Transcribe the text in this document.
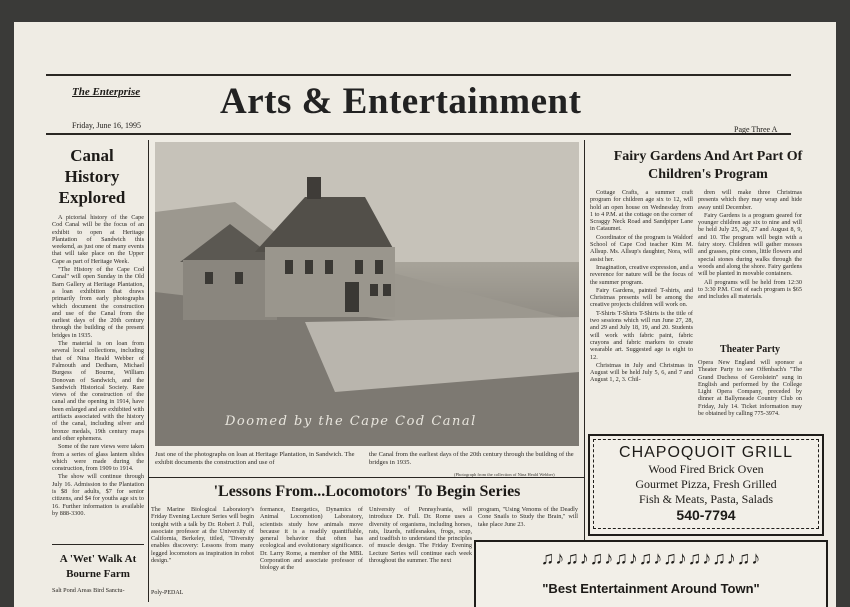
The Enterprise Arts & Entertainment
Friday, June 16, 1995	Page Three A
Canal History Explored

A pictorial history of the Cape Cod Canal will be the focus of an exhibit to open at Heritage Plantation of Sandwich this weekend, as just one of many events that will take place on the Upper Cape as part of Heritage Week.

"The History of the Cape Cod Canal" will open Sunday in the Old Barn Gallery at Heritage Plantation, a loan exhibition that draws primarily from early photographs which document the construction and use of the Canal from the earliest days of the 20th century through the building of the present bridges in 1935.

The material is on loan from several local collections, including that of Nina Heald Webber of Falmouth and Dedham, Michael Burgess of Bourne, William Donovan of Sandwich, and the Sandwich Historical Society. Rare views of the construction of the canal and the opening in 1914, have been enlarged and are exhibited with artifacts associated with the history of the canal, including silver and bronze medals, 19th century maps and other ephemera.

Some of the rare views were taken from a series of glass lantern slides which were made during the construction, from 1909 to 1914.

The show will continue through July 16. Admission to the Plantation is $8 for adults, $7 for senior citizens, and $4 for youths age six to 16. Further information is available by 888-3300.

A 'Wet' Walk At Bourne Farm
Salt Pond Areas Bird Sanctu-
Doomed by the Cape Cod Canal
Just one of the photographs on loan at Heritage Plantation, in Sandwich. The exhibit documents the construction and use of
the Canal from the earliest days of the 20th century through the building of the bridges in 1935.
(Photograph from the collection of Nina Heald Webber)
'Lessons From...Locomotors' To Begin Series
The Marine Biological Laboratory's Friday Evening Lecture Series will begin tonight with a talk by Dr. Robert J. Full, associate professor at the University of California, Berkeley, titled, "Diversity enables discovery: Lessons from many legged locomotors as inspiration in robot design."
formance, Energetics, Dynamics of Animal Locomotion) Laboratory, scientists study how animals move because it is a readily quantifiable, general behavior that often has ecological and evolutionary significance. Dr. Larry Rome, a member of the MBL Corporation and associate professor of biology at the
University of Pennsylvania, will introduce Dr. Full. Dr. Rome uses a diversity of organisms, including horses, rats, lizards, rattlesnakes, frogs, scup, and toadfish to understand the principles of muscle design. The Friday Evening Lecture Series will continue each week throughout the summer. The next
program, "Using Venoms of the Deadly Cone Snails to Study the Brain," will take place June 23.
Poly-PEDAL
Fairy Gardens And Art Part Of Children's Program

Cottage Crafts, a summer craft program for children age six to 12, will hold an open house on Wednesday from 1 to 4 P.M. at the cottage on the corner of Scraggy Neck Road and Sandpiper Lane in Cataumet.

Coordinator of the program is Waldorf School of Cape Cod teacher Kim M. Allsup. Ms. Allsup's daughter, Nora, will assist her.

Imagination, creative expression, and a reverence for nature will be the focus of the summer program.

Fairy Gardens, painted T-shirts, and Christmas presents will be among the creative projects children will work on.

T-Shirts T-Shirts T-Shirts is the title of two sessions which will run June 27, 28, and 29 and July 18, 19, and 20. Students will work with fabric paint, fabric crayons and fabric markers to create wearable art. Suggested age is eight to 12.

Christmas in July and Christmas in August will be held July 5, 6, and 7 and August 1, 2, 3. Chil-

dren will make three Christmas presents which they may wrap and hide away until December.

Fairy Gardens is a program geared for younger children age six to nine and will be held July 25, 26, 27 and August 8, 9, and 10. The program will begin with a fairy story. Children will gather mosses and grasses, pine cones, little flowers and special stones during walks through the woods and along the shore. Fairy gardens will be planted in movable containers.

All programs will be held from 12:30 to 3:30 P.M. Cost of each program is $65 and includes all materials.

Theater Party
Opera New England will sponsor a Theater Party to see Offenbach's "The Grand Duchess of Gerolstein" sung in English and performed by the College Light Opera Company, preceded by dinner at Ballymeade Country Club on Friday, July 14. Ticket information may be obtained by calling 775-3974.
CHAPOQUOIT GRILL
Wood Fired Brick Oven
Gourmet Pizza, Fresh Grilled
Fish & Meats, Pasta, Salads
540-7794
♫♪♫♪♫♪♫♪♫♪♫♪♫♪♫♪♫♪
"Best Entertainment Around Town"
